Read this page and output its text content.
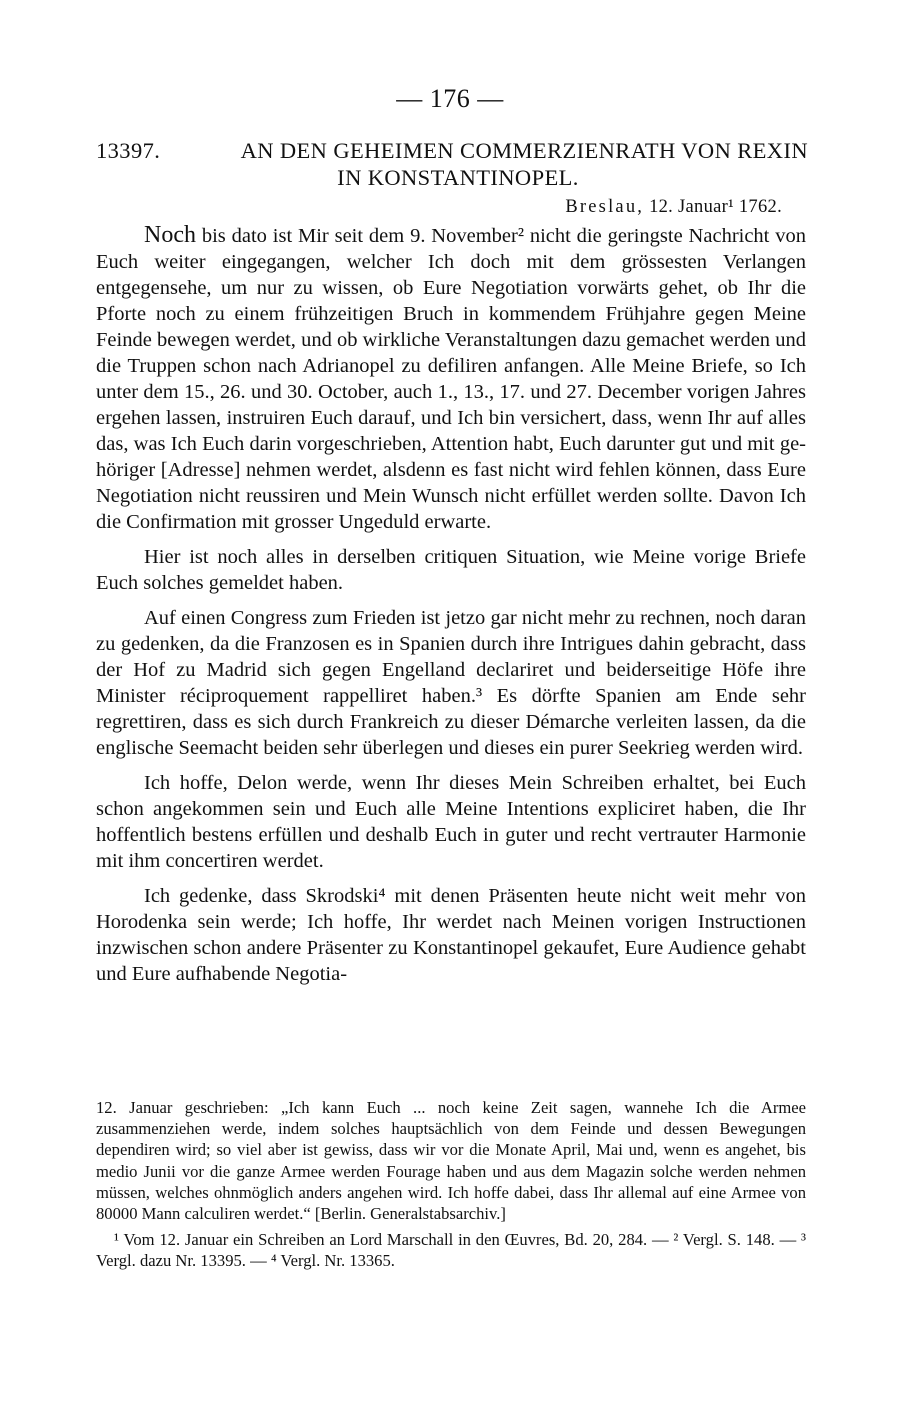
— 176 —
13397.	AN DEN GEHEIMEN COMMERZIENRATH VON REXIN
IN KONSTANTINOPEL.
Breslau, 12. Januar¹ 1762.

Noch bis dato ist Mir seit dem 9. November² nicht die geringste Nachricht von Euch weiter eingegangen, welcher Ich doch mit dem grössesten Verlangen entgegensehe, um nur zu wissen, ob Eure Negotiation vorwärts gehet, ob Ihr die Pforte noch zu einem frühzeitigen Bruch in kommendem Frühjahre gegen Meine Feinde bewegen werdet, und ob wirkliche Veranstaltungen dazu gemachet werden und die Truppen schon nach Adrianopel zu defiliren anfangen. Alle Meine Briefe, so Ich unter dem 15., 26. und 30. October, auch 1., 13., 17. und 27. December vorigen Jahres ergehen lassen, instruiren Euch darauf, und Ich bin versichert, dass, wenn Ihr auf alles das, was Ich Euch darin vorgeschrieben, Attention habt, Euch darunter gut und mit gehöriger [Adresse] nehmen werdet, alsdenn es fast nicht wird fehlen können, dass Eure Negotiation nicht reussiren und Mein Wunsch nicht erfüllet werden sollte. Davon Ich die Confirmation mit grosser Ungeduld erwarte.

Hier ist noch alles in derselben critiquen Situation, wie Meine vorige Briefe Euch solches gemeldet haben.

Auf einen Congress zum Frieden ist jetzo gar nicht mehr zu rechnen, noch daran zu gedenken, da die Franzosen es in Spanien durch ihre Intrigues dahin gebracht, dass der Hof zu Madrid sich gegen Engelland declariret und beiderseitige Höfe ihre Minister réciproquement rappelliret haben.³ Es dörfte Spanien am Ende sehr regrettiren, dass es sich durch Frankreich zu dieser Démarche verleiten lassen, da die englische Seemacht beiden sehr überlegen und dieses ein purer Seekrieg werden wird.

Ich hoffe, Delon werde, wenn Ihr dieses Mein Schreiben erhaltet, bei Euch schon angekommen sein und Euch alle Meine Intentions expliciret haben, die Ihr hoffentlich bestens erfüllen und deshalb Euch in guter und recht vertrauter Harmonie mit ihm concertiren werdet.

Ich gedenke, dass Skrodski⁴ mit denen Präsenten heute nicht weit mehr von Horodenka sein werde; Ich hoffe, Ihr werdet nach Meinen vorigen Instructionen inzwischen schon andere Präsenter zu Konstantinopel gekaufet, Eure Audience gehabt und Eure aufhabende Negotia-

12. Januar geschrieben: „Ich kann Euch ... noch keine Zeit sagen, wannehe Ich die Armee zusammenziehen werde, indem solches hauptsächlich von dem Feinde und dessen Bewegungen dependiren wird; so viel aber ist gewiss, dass wir vor die Monate April, Mai und, wenn es angehet, bis medio Junii vor die ganze Armee werden Fourage haben und aus dem Magazin solche werden nehmen müssen, welches ohnmöglich anders angehen wird. Ich hoffe dabei, dass Ihr allemal auf eine Armee von 80000 Mann calculiren werdet.“ [Berlin. Generalstabsarchiv.]

¹ Vom 12. Januar ein Schreiben an Lord Marschall in den Œuvres, Bd. 20, 284. — ² Vergl. S. 148. — ³ Vergl. dazu Nr. 13395. — ⁴ Vergl. Nr. 13365.
